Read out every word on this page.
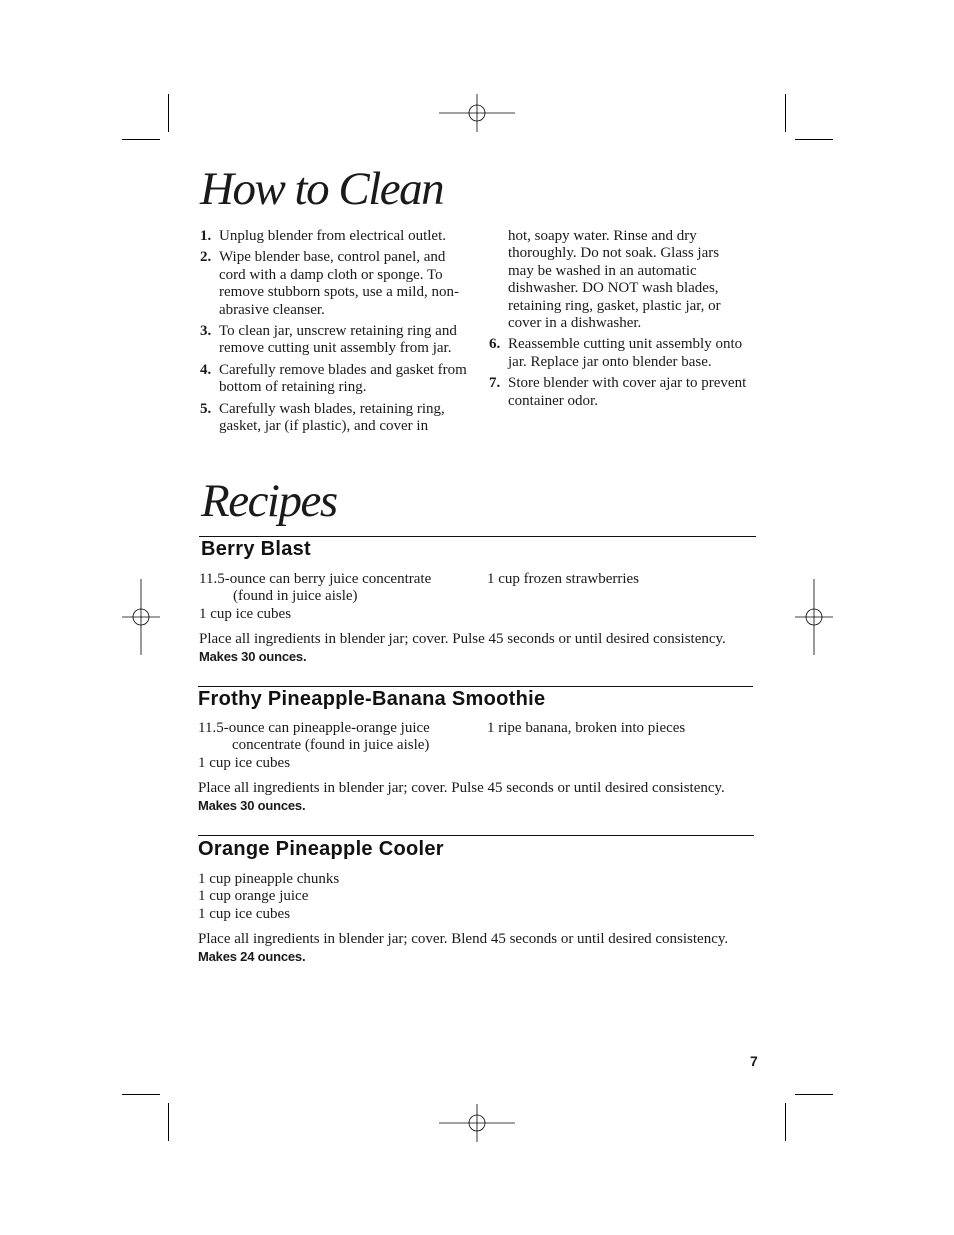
How to Clean
1. Unplug blender from electrical outlet.
2. Wipe blender base, control panel, and cord with a damp cloth or sponge. To remove stubborn spots, use a mild, non-abrasive cleanser.
3. To clean jar, unscrew retaining ring and remove cutting unit assembly from jar.
4. Carefully remove blades and gasket from bottom of retaining ring.
5. Carefully wash blades, retaining ring, gasket, jar (if plastic), and cover in
hot, soapy water. Rinse and dry thoroughly. Do not soak. Glass jars may be washed in an automatic dishwasher. DO NOT wash blades, retaining ring, gasket, plastic jar, or cover in a dishwasher.
6. Reassemble cutting unit assembly onto jar. Replace jar onto blender base.
7. Store blender with cover ajar to prevent container odor.
Recipes
Berry Blast
11.5-ounce can berry juice concentrate
(found in juice aisle)
1 cup ice cubes
1 cup frozen strawberries
Place all ingredients in blender jar; cover. Pulse 45 seconds or until desired consistency. Makes 30 ounces.
Frothy Pineapple-Banana Smoothie
11.5-ounce can pineapple-orange juice
concentrate (found in juice aisle)
1 cup ice cubes
1 ripe banana, broken into pieces
Place all ingredients in blender jar; cover. Pulse 45 seconds or until desired consistency. Makes 30 ounces.
Orange Pineapple Cooler
1 cup pineapple chunks
1 cup orange juice
1 cup ice cubes
Place all ingredients in blender jar; cover. Blend 45 seconds or until desired consistency. Makes 24 ounces.
7
